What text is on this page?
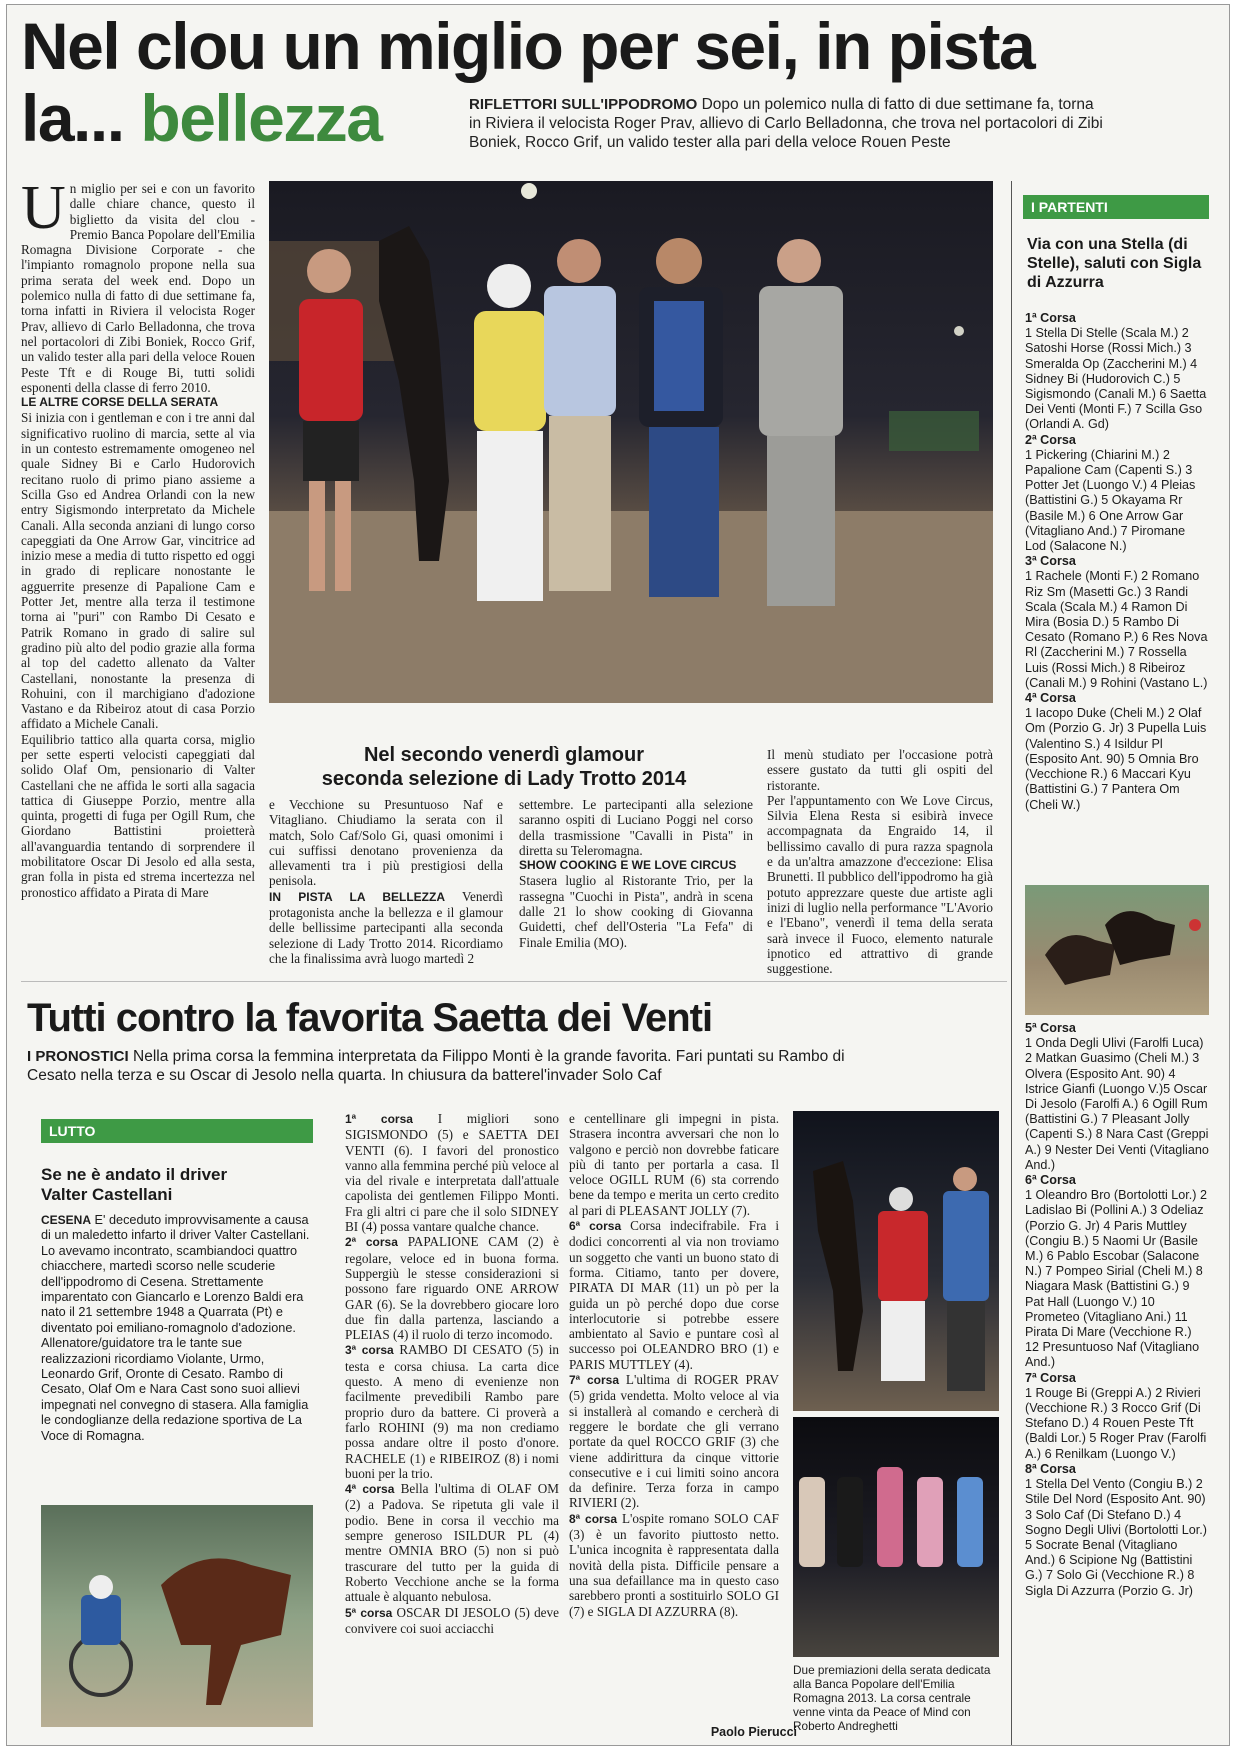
Nel clou un miglio per sei, in pista
la... bellezza	RIFLETTORI SULL'IPPODROMO Dopo un polemico nulla di fatto di due settimane fa, torna in Riviera il velocista Roger Prav, allievo di Carlo Belladonna, che trova nel portacolori di Zibi Boniek, Rocco Grif, un valido tester alla pari della veloce Rouen Peste

Un miglio per sei e con un favorito dalle chiare chance, questo il biglietto da visita del clou - Premio Banca Popolare dell'Emilia Romagna Divisione Corporate - che l'impianto romagnolo propone nella sua prima serata del week end. Dopo un polemico nulla di fatto di due settimane fa, torna infatti in Riviera il velocista Roger Prav, allievo di Carlo Belladonna, che trova nel portacolori di Zibi Boniek, Rocco Grif, un valido tester alla pari della veloce Rouen Peste Tft e di Rouge Bi, tutti solidi esponenti della classe di ferro 2010.

LE ALTRE CORSE DELLA SERATA

Si inizia con i gentleman e con i tre anni dal significativo ruolino di marcia, sette al via in un contesto estremamente omogeneo nel quale Sidney Bi e Carlo Hudorovich recitano ruolo di primo piano assieme a Scilla Gso ed Andrea Orlandi con la new entry Sigismondo interpretato da Michele Canali. Alla seconda anziani di lungo corso capeggiati da One Arrow Gar, vincitrice ad inizio mese a media di tutto rispetto ed oggi in grado di replicare nonostante le agguerrite presenze di Papalione Cam e Potter Jet, mentre alla terza il testimone torna ai "puri" con Rambo Di Cesato e Patrik Romano in grado di salire sul gradino più alto del podio grazie alla forma al top del cadetto allenato da Valter Castellani, nonostante la presenza di Rohuini, con il marchigiano d'adozione Vastano e da Ribeiroz atout di casa Porzio affidato a Michele Canali.

Equilibrio tattico alla quarta corsa, miglio per sette esperti velocisti capeggiati dal solido Olaf Om, pensionario di Valter Castellani che ne affida le sorti alla sagacia tattica di Giuseppe Porzio, mentre alla quinta, progetti di fuga per Ogill Rum, che Giordano Battistini proietterà all'avanguardia tentando di sorprendere il mobilitatore Oscar Di Jesolo ed alla sesta, gran folla in pista ed strema incertezza nel pronostico affidato a Pirata di Mare

Nel secondo venerdì glamour
seconda selezione di Lady Trotto 2014

e Vecchione su Presuntuoso Naf e Vitagliano. Chiudiamo la serata con il match, Solo Caf/Solo Gi, quasi omonimi i cui suffissi denotano provenienza da allevamenti tra i più prestigiosi della penisola.

IN PISTA LA BELLEZZA Venerdì protagonista anche la bellezza e il glamour delle bellissime partecipanti alla seconda selezione di Lady Trotto 2014. Ricordiamo che la finalissima avrà luogo martedì 2

settembre. Le partecipanti alla selezione saranno ospiti di Luciano Poggi nel corso della trasmissione "Cavalli in Pista" in diretta su Teleromagna.

SHOW COOKING E WE LOVE CIRCUS

Stasera luglio al Ristorante Trio, per la rassegna "Cuochi in Pista", andrà in scena dalle 21 lo show cooking di Giovanna Guidetti, chef dell'Osteria "La Fefa" di Finale Emilia (MO).

Il menù studiato per l'occasione potrà essere gustato da tutti gli ospiti del ristorante.

Per l'appuntamento con We Love Circus, Silvia Elena Resta si esibirà invece accompagnata da Engraido 14, il bellissimo cavallo di pura razza spagnola e da un'altra amazzone d'eccezione: Elisa Brunetti. Il pubblico dell'ippodromo ha già potuto apprezzare queste due artiste agli inizi di luglio nella performance "L'Avorio e l'Ebano", venerdì il tema della serata sarà invece il Fuoco, elemento naturale ipnotico ed attrattivo di grande suggestione.

I PARTENTI
Via con una Stella (di Stelle), saluti con Sigla di Azzurra
1ª Corsa
1 Stella Di Stelle (Scala M.) 2 Satoshi Horse (Rossi Mich.) 3 Smeralda Op (Zaccherini M.) 4 Sidney Bi (Hudorovich C.) 5 Sigismondo (Canali M.) 6 Saetta Dei Venti (Monti F.) 7 Scilla Gso (Orlandi A. Gd)
2ª Corsa
1 Pickering (Chiarini M.) 2 Papalione Cam (Capenti S.) 3 Potter Jet (Luongo V.) 4 Pleias (Battistini G.) 5 Okayama Rr (Basile M.) 6 One Arrow Gar (Vitagliano And.) 7 Piromane Lod (Salacone N.)
3ª Corsa
1 Rachele (Monti F.) 2 Romano Riz Sm (Masetti Gc.) 3 Randi Scala (Scala M.) 4 Ramon Di Mira (Bosia D.) 5 Rambo Di Cesato (Romano P.) 6 Res Nova Rl (Zaccherini M.) 7 Rossella Luis (Rossi Mich.) 8 Ribeiroz (Canali M.) 9 Rohini (Vastano L.)
4ª Corsa
1 Iacopo Duke (Cheli M.) 2 Olaf Om (Porzio G. Jr) 3 Pupella Luis (Valentino S.) 4 Isildur Pl (Esposito Ant. 90) 5 Omnia Bro (Vecchione R.) 6 Maccari Kyu (Battistini G.) 7 Pantera Om (Cheli W.)
5ª Corsa
1 Onda Degli Ulivi (Farolfi Luca) 2 Matkan Guasimo (Cheli M.) 3 Olvera (Esposito Ant. 90) 4 Istrice Gianfi (Luongo V.)5 Oscar Di Jesolo (Farolfi A.) 6 Ogill Rum (Battistini G.) 7 Pleasant Jolly (Capenti S.) 8 Nara Cast (Greppi A.) 9 Nester Dei Venti (Vitagliano And.)
6ª Corsa
1 Oleandro Bro (Bortolotti Lor.) 2 Ladislao Bi (Pollini A.) 3 Odeliaz (Porzio G. Jr) 4 Paris Muttley (Congiu B.) 5 Naomi Ur (Basile M.) 6 Pablo Escobar (Salacone N.) 7 Pompeo Sirial (Cheli M.) 8 Niagara Mask (Battistini G.) 9 Pat Hall (Luongo V.) 10 Prometeo (Vitagliano Ani.) 11 Pirata Di Mare (Vecchione R.) 12 Presuntuoso Naf (Vitagliano And.)
7ª Corsa
1 Rouge Bi (Greppi A.) 2 Rivieri (Vecchione R.) 3 Rocco Grif (Di Stefano D.) 4 Rouen Peste Tft (Baldi Lor.) 5 Roger Prav (Farolfi A.) 6 Renilkam (Luongo V.)
8ª Corsa
1 Stella Del Vento (Congiu B.) 2 Stile Del Nord (Esposito Ant. 90) 3 Solo Caf (Di Stefano D.) 4 Sogno Degli Ulivi (Bortolotti Lor.) 5 Socrate Benal (Vitagliano And.) 6 Scipione Ng (Battistini G.) 7 Solo Gi (Vecchione R.) 8 Sigla Di Azzurra (Porzio G. Jr)
Tutti contro la favorita Saetta dei Venti
I PRONOSTICI Nella prima corsa la femmina interpretata da Filippo Monti è la grande favorita. Fari puntati su Rambo di Cesato nella terza e su Oscar di Jesolo nella quarta. In chiusura da batterel'invader Solo Caf
LUTTO
Se ne è andato il driver Valter Castellani

CESENA E' deceduto improvvisamente a causa di un maledetto infarto il driver Valter Castellani. Lo avevamo incontrato, scambiandoci quattro chiacchere, martedì scorso nelle scuderie dell'ippodromo di Cesena. Strettamente imparentato con Giancarlo e Lorenzo Baldi era nato il 21 settembre 1948 a Quarrata (Pt) e diventato poi emiliano-romagnolo d'adozione. Allenatore/guidatore tra le tante sue realizzazioni ricordiamo Violante, Urmo, Leonardo Grif, Oronte di Cesato. Rambo di Cesato, Olaf Om e Nara Cast sono suoi allievi impegnati nel convegno di stasera. Alla famiglia le condoglianze della redazione sportiva de La Voce di Romagna.

1ª corsa I migliori sono SIGISMONDO (5) e SAETTA DEI VENTI (6). I favori del pronostico vanno alla femmina perché più veloce al via del rivale e interpretata dall'attuale capolista dei gentlemen Filippo Monti. Fra gli altri ci pare che il solo SIDNEY BI (4) possa vantare qualche chance.

2ª corsa PAPALIONE CAM (2) è regolare, veloce ed in buona forma. Suppergiù le stesse considerazioni si possono fare riguardo ONE ARROW GAR (6). Se la dovrebbero giocare loro due fin dalla partenza, lasciando a PLEIAS (4) il ruolo di terzo incomodo.

3ª corsa RAMBO DI CESATO (5) in testa e corsa chiusa. La carta dice questo. A meno di evenienze non facilmente prevedibili Rambo pare proprio duro da battere. Ci proverà a farlo ROHINI (9) ma non crediamo possa andare oltre il posto d'onore. RACHELE (1) e RIBEIROZ (8) i nomi buoni per la trio.

4ª corsa Bella l'ultima di OLAF OM (2) a Padova. Se ripetuta gli vale il podio. Bene in corsa il vecchio ma sempre generoso ISILDUR PL (4) mentre OMNIA BRO (5) non si può trascurare del tutto per la guida di Roberto Vecchione anche se la forma attuale è alquanto nebulosa.

5ª corsa OSCAR DI JESOLO (5) deve convivere coi suoi acciacchi

e centellinare gli impegni in pista. Strasera incontra avversari che non lo valgono e perciò non dovrebbe faticare più di tanto per portarla a casa. Il veloce OGILL RUM (6) sta correndo bene da tempo e merita un certo credito al pari di PLEASANT JOLLY (7).

6ª corsa Corsa indecifrabile. Fra i dodici concorrenti al via non troviamo un soggetto che vanti un buono stato di forma. Citiamo, tanto per dovere, PIRATA DI MAR (11) un pò per la guida un pò perché dopo due corse interlocutorie si potrebbe essere ambientato al Savio e puntare così al successo poi OLEANDRO BRO (1) e PARIS MUTTLEY (4).

7ª corsa L'ultima di ROGER PRAV (5) grida vendetta. Molto veloce al via si installerà al comando e cercherà di reggere le bordate che gli verrano portate da quel ROCCO GRIF (3) che viene addirittura da cinque vittorie consecutive e i cui limiti soino ancora da definire. Terza forza in campo RIVIERI (2).

8ª corsa L'ospite romano SOLO CAF (3) è un favorito piuttosto netto. L'unica incognita è rappresentata dalla novità della pista. Difficile pensare a una sua defaillance ma in questo caso sarebbero pronti a sostituirlo SOLO GI (7) e SIGLA DI AZZURRA (8).

Paolo Pierucci
Due premiazioni della serata dedicata alla Banca Popolare dell'Emilia Romagna 2013. La corsa centrale venne vinta da Peace of Mind con Roberto Andreghetti
